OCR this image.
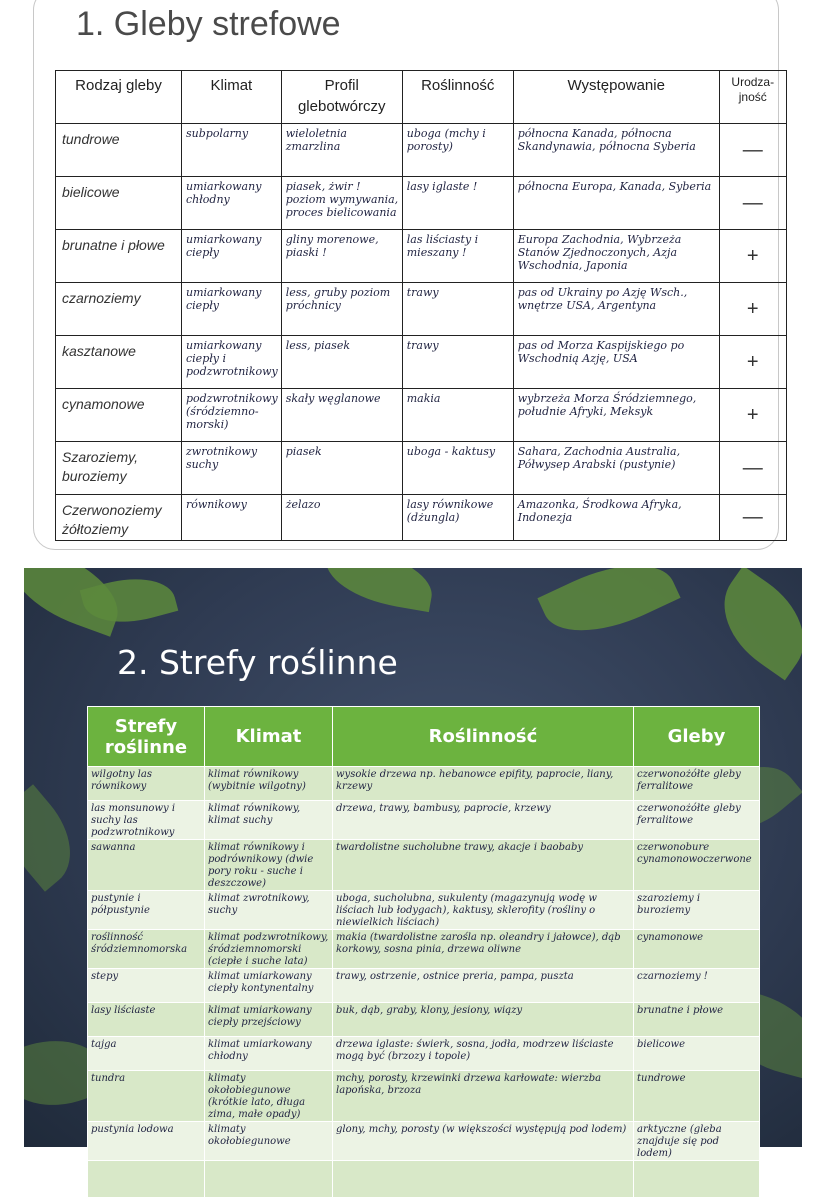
1. Gleby strefowe
Rodzaj gleby	Klimat	Profil glebotwórczy	Roślinność	Występowanie	Urodza-jność
tundrowe	subpolarny	wieloletnia zmarzlina	uboga (mchy i porosty)	północna Kanada, północna Skandynawia, północna Syberia	—
bielicowe	umiarkowany chłodny	piasek, żwir ! poziom wymywania, proces bielicowania	lasy iglaste !	północna Europa, Kanada, Syberia	—
brunatne i płowe	umiarkowany ciepły	gliny morenowe, piaski !	las liściasty i mieszany !	Europa Zachodnia, Wybrzeża Stanów Zjednoczonych, Azja Wschodnia, Japonia	+
czarnoziemy	umiarkowany ciepły	less, gruby poziom próchnicy	trawy	pas od Ukrainy po Azję Wsch., wnętrze USA, Argentyna	+
kasztanowe	umiarkowany ciepły i podzwrotnikowy	less, piasek	trawy	pas od Morza Kaspijskiego po Wschodnią Azję, USA	+
cynamonowe	podzwrotnikowy (śródziemno-morski)	skały węglanowe	makia	wybrzeża Morza Śródziemnego, południe Afryki, Meksyk	+
Szaroziemy, buroziemy	zwrotnikowy suchy	piasek	uboga - kaktusy	Sahara, Zachodnia Australia, Półwysep Arabski (pustynie)	—
Czerwonoziemy żółtoziemy	równikowy	żelazo	lasy równikowe (dżungla)	Amazonka, Środkowa Afryka, Indonezja	—
2. Strefy roślinne
Strefy roślinne	Klimat	Roślinność	Gleby
wilgotny las równikowy	klimat równikowy (wybitnie wilgotny)	wysokie drzewa np. hebanowce epifity, paprocie, liany, krzewy	czerwonożółte gleby ferralitowe
las monsunowy i suchy las podzwrotnikowy	klimat równikowy, klimat suchy	drzewa, trawy, bambusy, paprocie, krzewy	czerwonożółte gleby ferralitowe
sawanna	klimat równikowy i podrównikowy (dwie pory roku - suche i deszczowe)	twardolistne sucholubne trawy, akacje i baobaby	czerwonobure cynamonowoczerwone
pustynie i półpustynie	klimat zwrotnikowy, suchy	uboga, sucholubna, sukulenty (magazynują wodę w liściach lub łodygach), kaktusy, sklerofity (rośliny o niewielkich liściach)	szaroziemy i buroziemy
roślinność śródziemnomorska	klimat podzwrotnikowy, śródziemnomorski (ciepłe i suche lata)	makia (twardolistne zarośla np. oleandry i jałowce), dąb korkowy, sosna pinia, drzewa oliwne	cynamonowe
stepy	klimat umiarkowany ciepły kontynentalny	trawy, ostrzenie, ostnice preria, pampa, puszta	czarnoziemy !
lasy liściaste	klimat umiarkowany ciepły przejściowy	buk, dąb, graby, klony, jesiony, wiązy	brunatne i płowe
tajga	klimat umiarkowany chłodny	drzewa iglaste: świerk, sosna, jodła, modrzew liściaste mogą być (brzozy i topole)	bielicowe
tundra	klimaty okołobiegunowe (krótkie lato, długa zima, małe opady)	mchy, porosty, krzewinki drzewa karłowate: wierzba lapońska, brzoza	tundrowe
pustynia lodowa	klimaty okołobiegunowe	glony, mchy, porosty (w większości występują pod lodem)	arktyczne (gleba znajduje się pod lodem)
